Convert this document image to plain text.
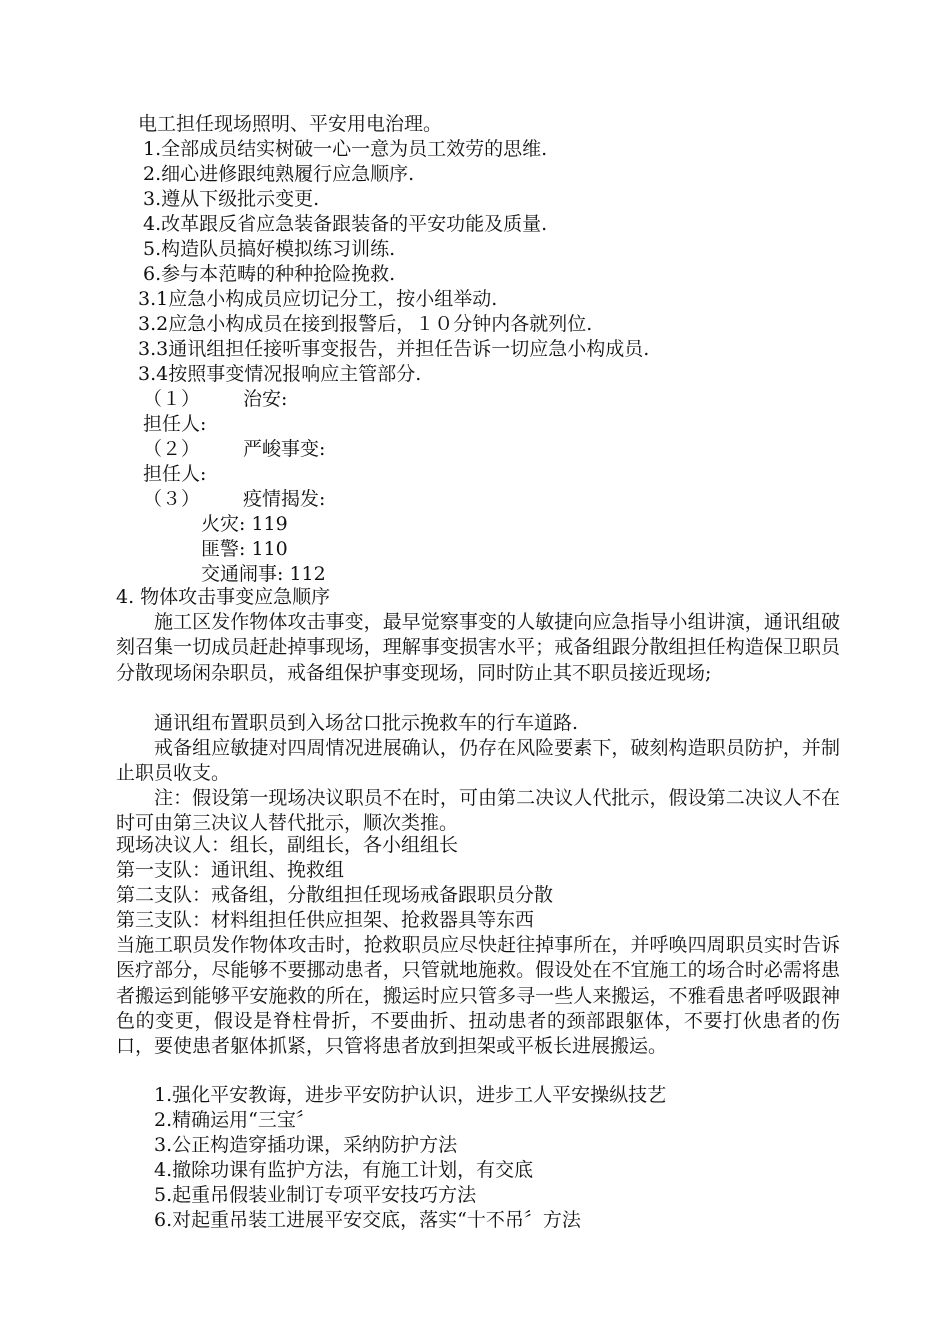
电工担任现场照明、平安用电治理。
1.全部成员结实树破一心一意为员工效劳的思维.
2.细心进修跟纯熟履行应急顺序.
3.遵从下级批示变更.
4.改革跟反省应急装备跟装备的平安功能及质量.
5.构造队员搞好模拟练习训练.
6.参与本范畴的种种抢险挽救.
3.1应急小构成员应切记分工，按小组举动.
3.2应急小构成员在接到报警后，１０分钟内各就列位.
3.3通讯组担任接听事变报告，并担任告诉一切应急小构成员.
3.4按照事变情况报响应主管部分.
（１） 治安:
担任人:
（２） 严峻事变:
担任人:
（３） 疫情揭发:
火灾: 119
匪警: 110
交通闹事: 112
4. 物体攻击事变应急顺序
施工区发作物体攻击事变，最早觉察事变的人敏捷向应急指导小组讲演，通讯组破刻召集一切成员赶赴掉事现场，理解事变损害水平；戒备组跟分散组担任构造保卫职员分散现场闲杂职员，戒备组保护事变现场，同时防止其不职员接近现场;
通讯组布置职员到入场岔口批示挽救车的行车道路.
戒备组应敏捷对四周情况进展确认，仍存在风险要素下，破刻构造职员防护，并制止职员收支。
注：假设第一现场决议职员不在时，可由第二决议人代批示，假设第二决议人不在时可由第三决议人替代批示，顺次类推。
现场决议人：组长，副组长，各小组组长
第一支队：通讯组、挽救组
第二支队：戒备组，分散组担任现场戒备跟职员分散
第三支队：材料组担任供应担架、抢救器具等东西
当施工职员发作物体攻击时，抢救职员应尽快赶往掉事所在，并呼唤四周职员实时告诉医疗部分，尽能够不要挪动患者，只管就地施救。假设处在不宜施工的场合时必需将患者搬运到能够平安施救的所在，搬运时应只管多寻一些人来搬运，不雅看患者呼吸跟神色的变更，假设是脊柱骨折，不要曲折、扭动患者的颈部跟躯体，不要打伙患者的伤口，要使患者躯体抓紧，只管将患者放到担架或平板长进展搬运。
1.强化平安教诲，进步平安防护认识，进步工人平安操纵技艺
2.精确运用“三宝〞
3.公正构造穿插功课，采纳防护方法
4.撤除功课有监护方法，有施工计划，有交底
5.起重吊假装业制订专项平安技巧方法
6.对起重吊装工进展平安交底，落实“十不吊〞方法
